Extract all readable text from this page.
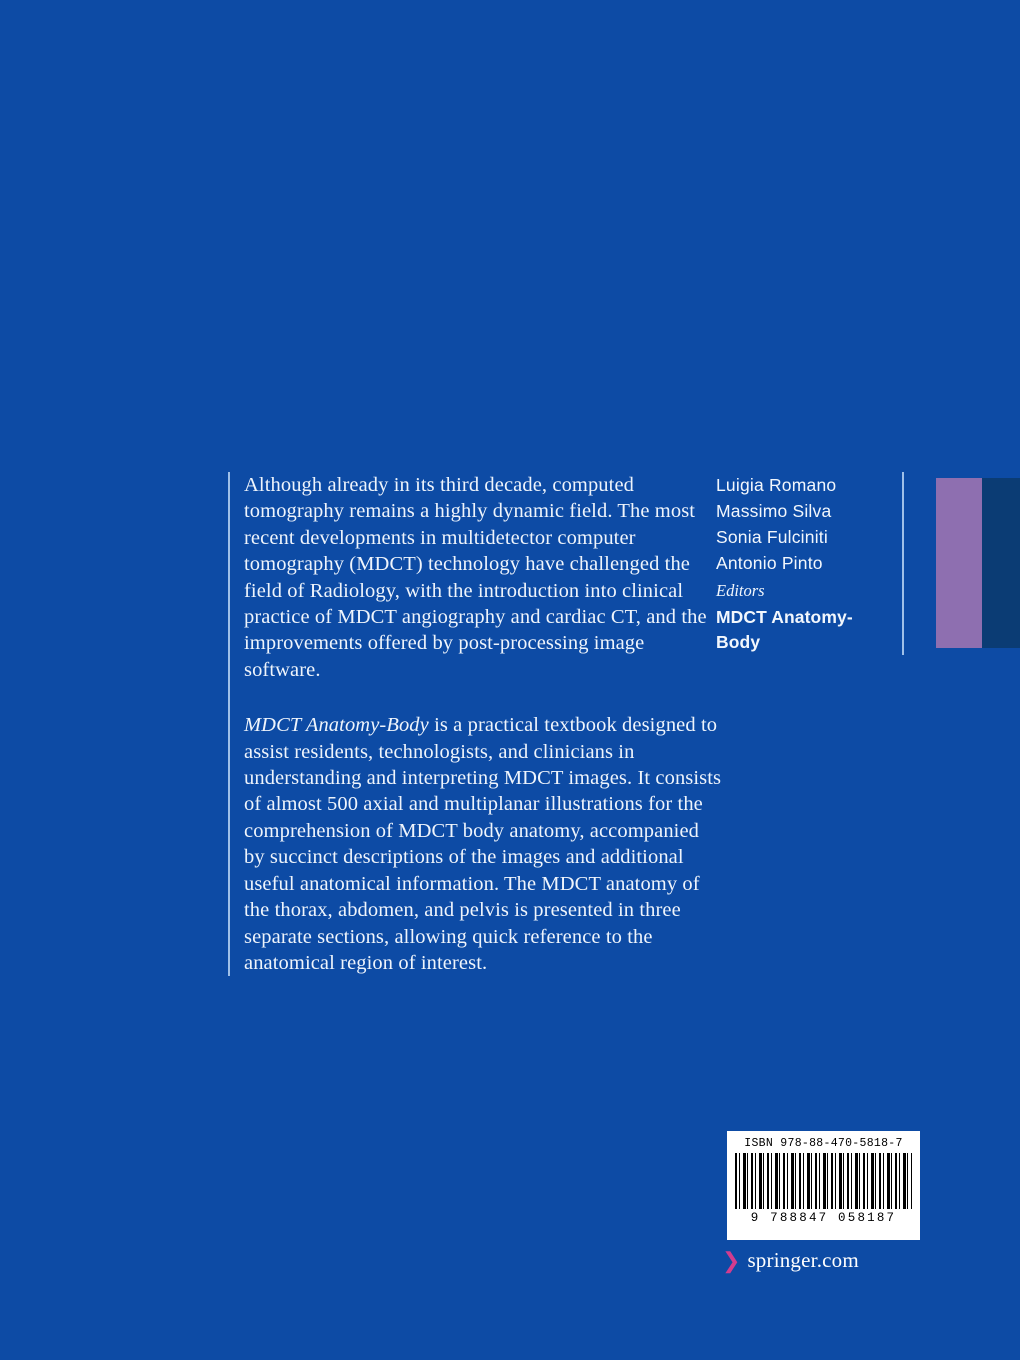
Although already in its third decade, computed tomography remains a highly dynamic field. The most recent developments in multidetector computer tomography (MDCT) technology have challenged the field of Radiology, with the introduction into clinical practice of MDCT angiography and cardiac CT, and the improvements offered by post-processing image software.

MDCT Anatomy-Body is a practical textbook designed to assist residents, technologists, and clinicians in understanding and interpreting MDCT images. It consists of almost 500 axial and multiplanar illustrations for the comprehension of MDCT body anatomy, accompanied by succinct descriptions of the images and additional useful anatomical information. The MDCT anatomy of the thorax, abdomen, and pelvis is presented in three separate sections, allowing quick reference to the anatomical region of interest.

Luigia Romano
Massimo Silva
Sonia Fulciniti
Antonio Pinto
Editors
MDCT Anatomy-Body
ISBN 978-88-470-5818-7
9 788847 058187
❯ springer.com
